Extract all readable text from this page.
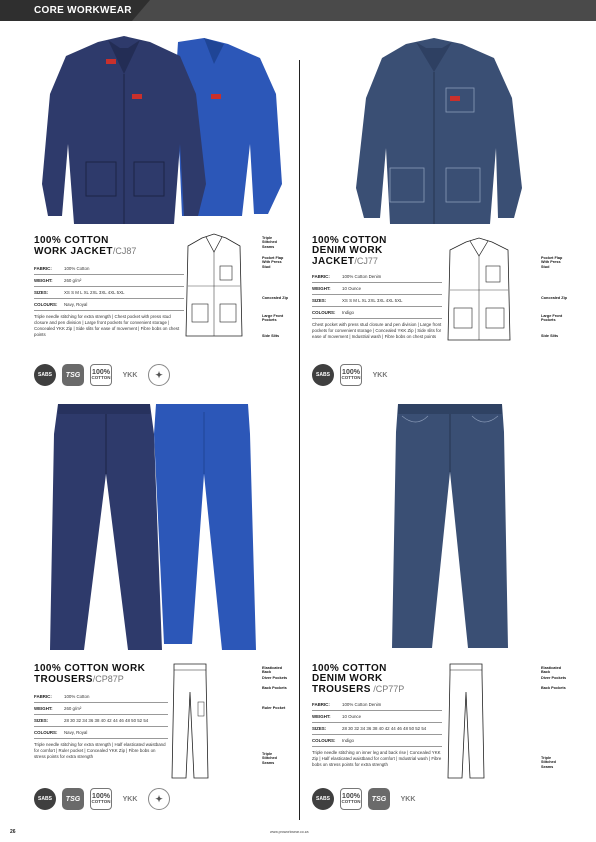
CORE WORKWEAR
100% COTTON
WORK JACKET/CJ87
FABRIC:	100% Cotton
WEIGHT:	260 g/m²
SIZES:	XS S M L XL 2XL 3XL 4XL 5XL
COLOURS:	Navy, Royal
Triple needle stitching for extra strength | Chest pocket with press stud closure and pen division | Large front pockets for convenient storage | Concealed YKK Zip | Side slits for ease of movement | Fibre bobs on chest points
Triple Stitched Seams
Pocket Flap With Press Stud
Concealed Zip
Large Front Pockets
Side Slits
SABS	TSG	100%
COTTON	YKK	✦
100% COTTON
DENIM WORK
JACKET/CJ77
FABRIC:	100% Cotton Denim
WEIGHT:	10 Ounce
SIZES:	XS S M L XL 2XL 3XL 4XL 5XL
COLOURS:	Indigo
Chest pocket with press stud closure and pen division | Large front pockets for convenient storage | Concealed YKK Zip | Side slits for ease of movement | Industrial wash | Fibre bobs on chest points
Pocket Flap With Press Stud
Concealed Zip
Large Front Pockets
Side Slits
SABS	100%
COTTON	YKK
100% COTTON WORK
TROUSERS/CP87P
FABRIC:	100% Cotton
WEIGHT:	260 g/m²
SIZES:	28 30 32 34 36 38 40 42 44 46 48 50 52 54
COLOURS:	Navy, Royal
Triple needle stitching for extra strength | Half elasticated waistband for comfort | Ruler pocket | Concealed YKK Zip | Fibre bobs on stress points for extra strength
Elasticated Back
Diver Pockets
Back Pockets
Ruler Pocket
Triple Stitched Seams
SABS	TSG	100%
COTTON	YKK	✦
100% COTTON
DENIM WORK
TROUSERS /CP77P
FABRIC:	100% Cotton Denim
WEIGHT:	10 Ounce
SIZES:	28 30 32 34 36 38 40 42 44 46 48 50 52 54
COLOURS:	Indigo
Triple needle stitching on inner leg and back rise | Concealed YKK Zip | Half elasticated waistband for comfort | Industrial wash | Fibre bobs on stress points for extra strength
Elasticated Back
Diver Pockets
Back Pockets
Triple Stitched Seams
SABS	100%
COTTON	TSG	YKK
26	www.proworkwear.co.za
